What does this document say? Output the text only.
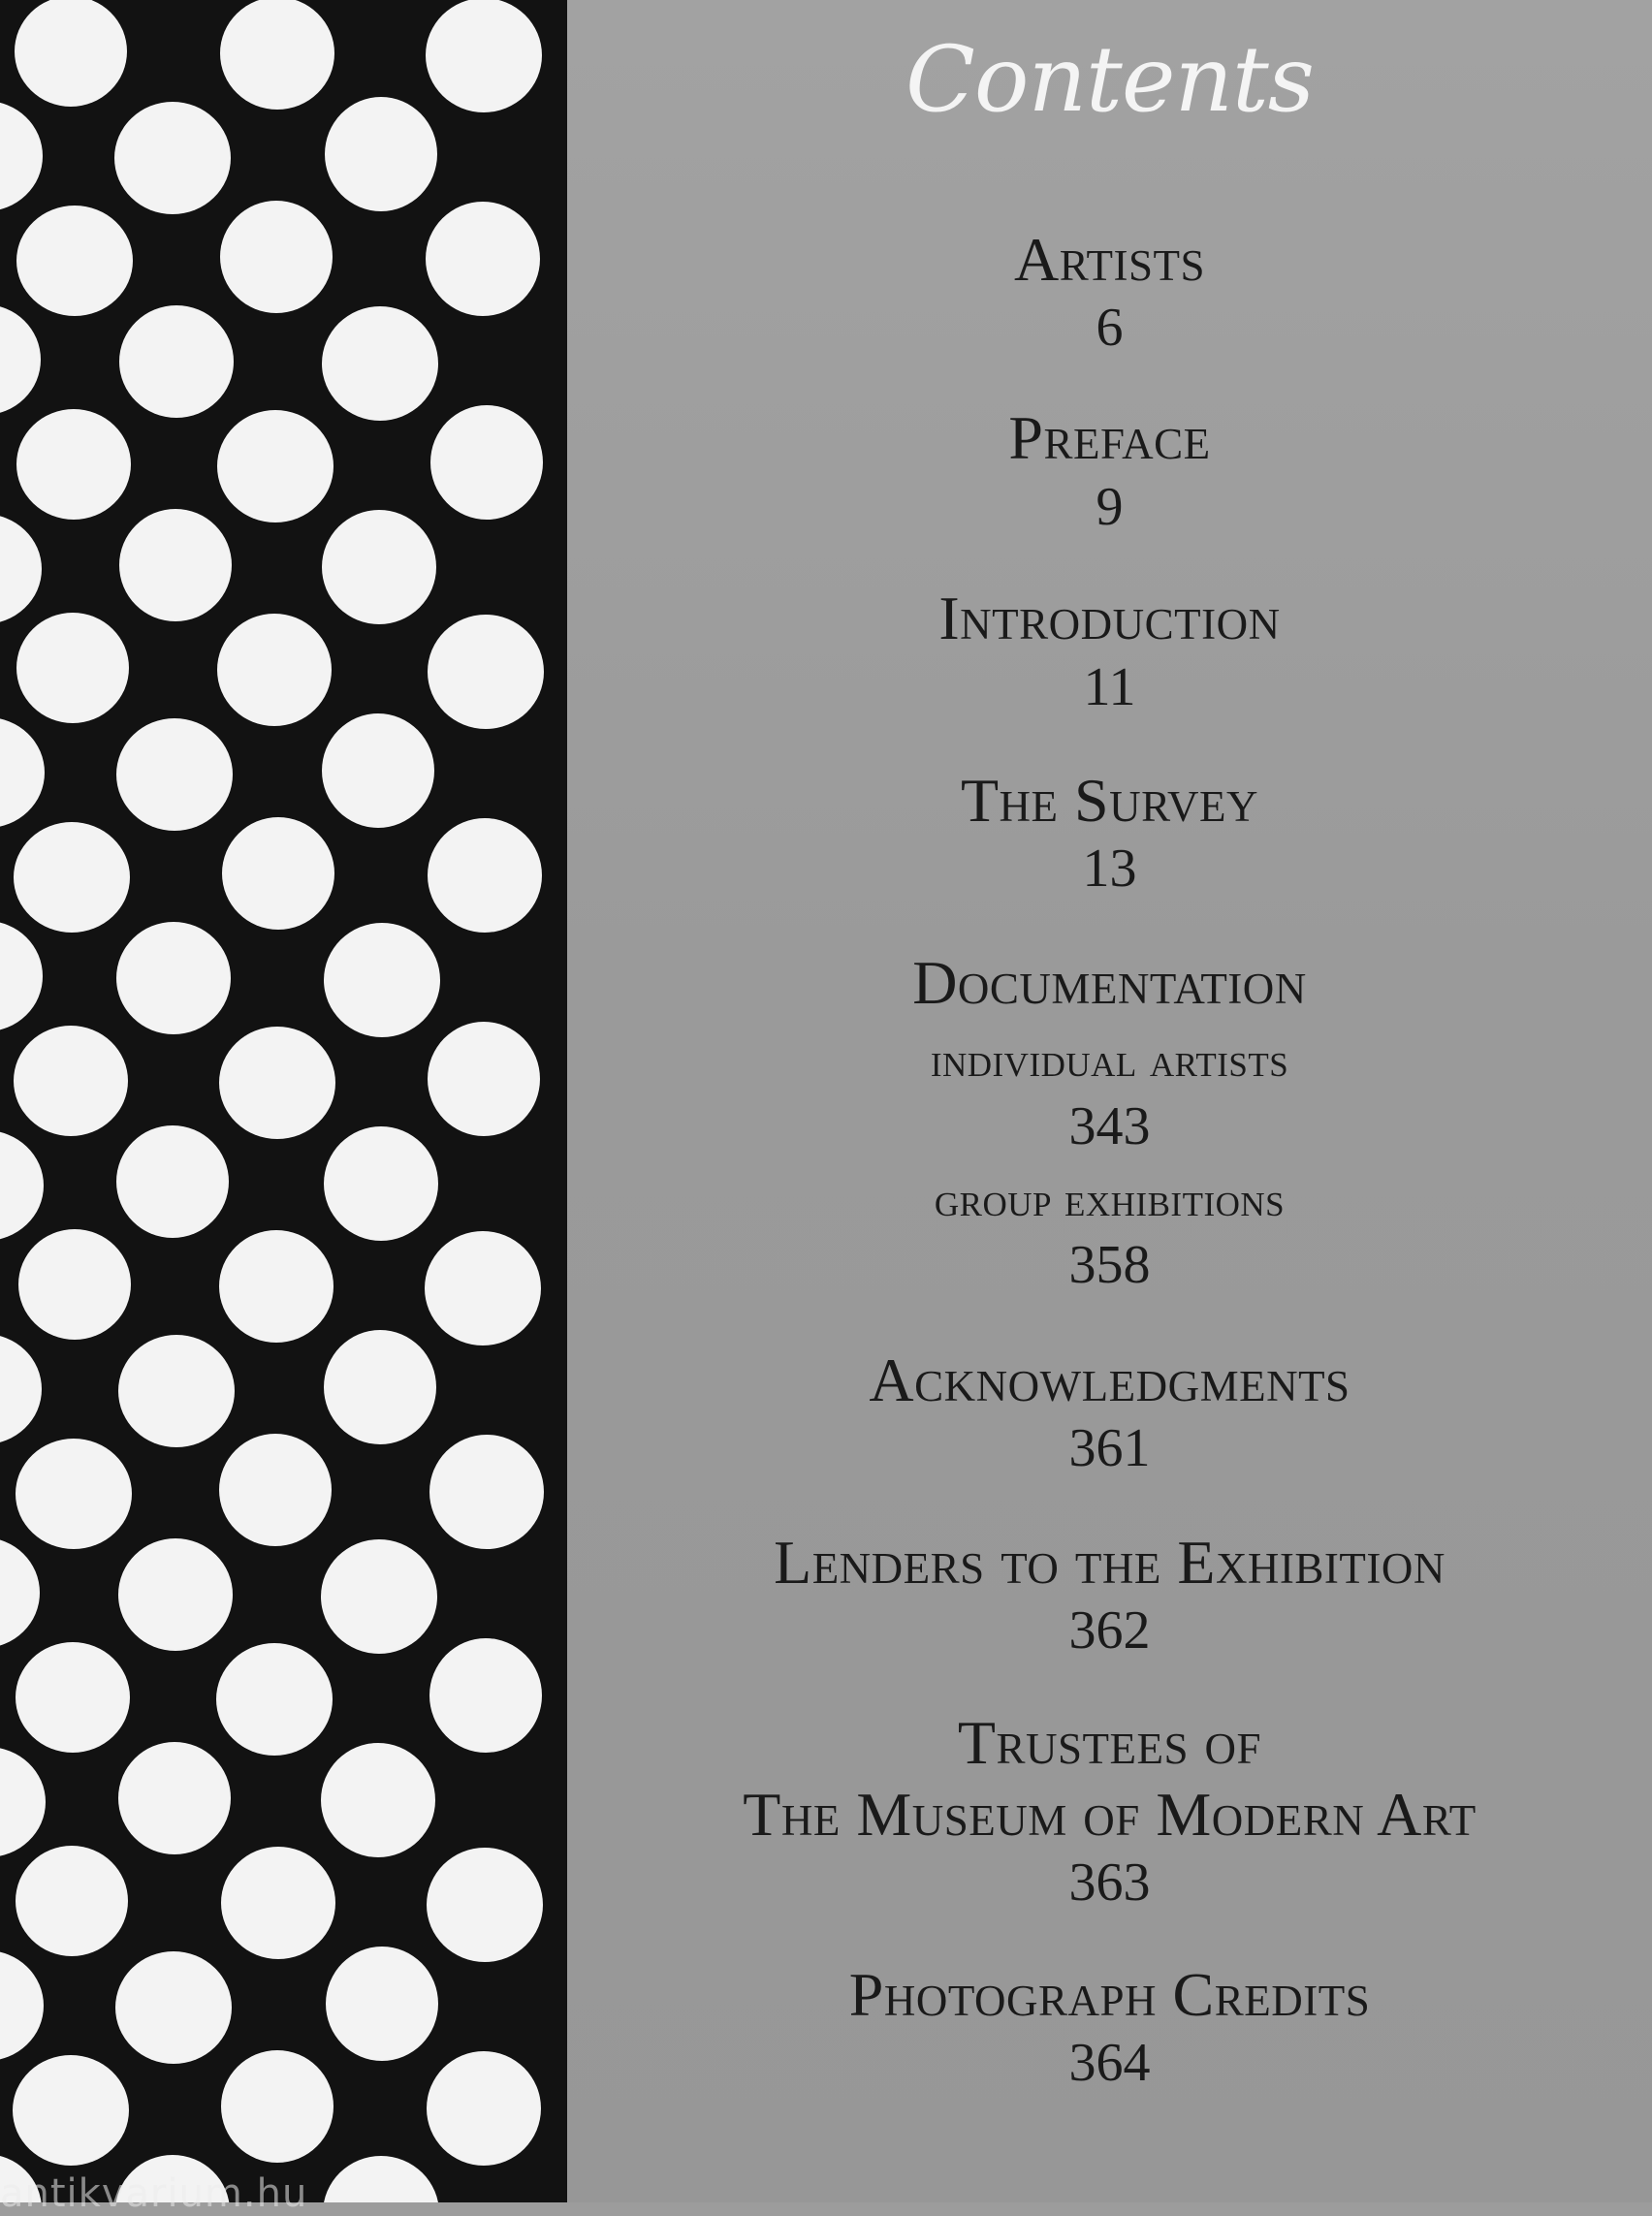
Contents
Artists
6
Preface
9
Introduction
11
The Survey
13
Documentation
individual artists
343
group exhibitions
358
Acknowledgments
361
Lenders to the Exhibition
362
Trustees of
The Museum of Modern Art
363
Photograph Credits
364
antikvarium.hu
